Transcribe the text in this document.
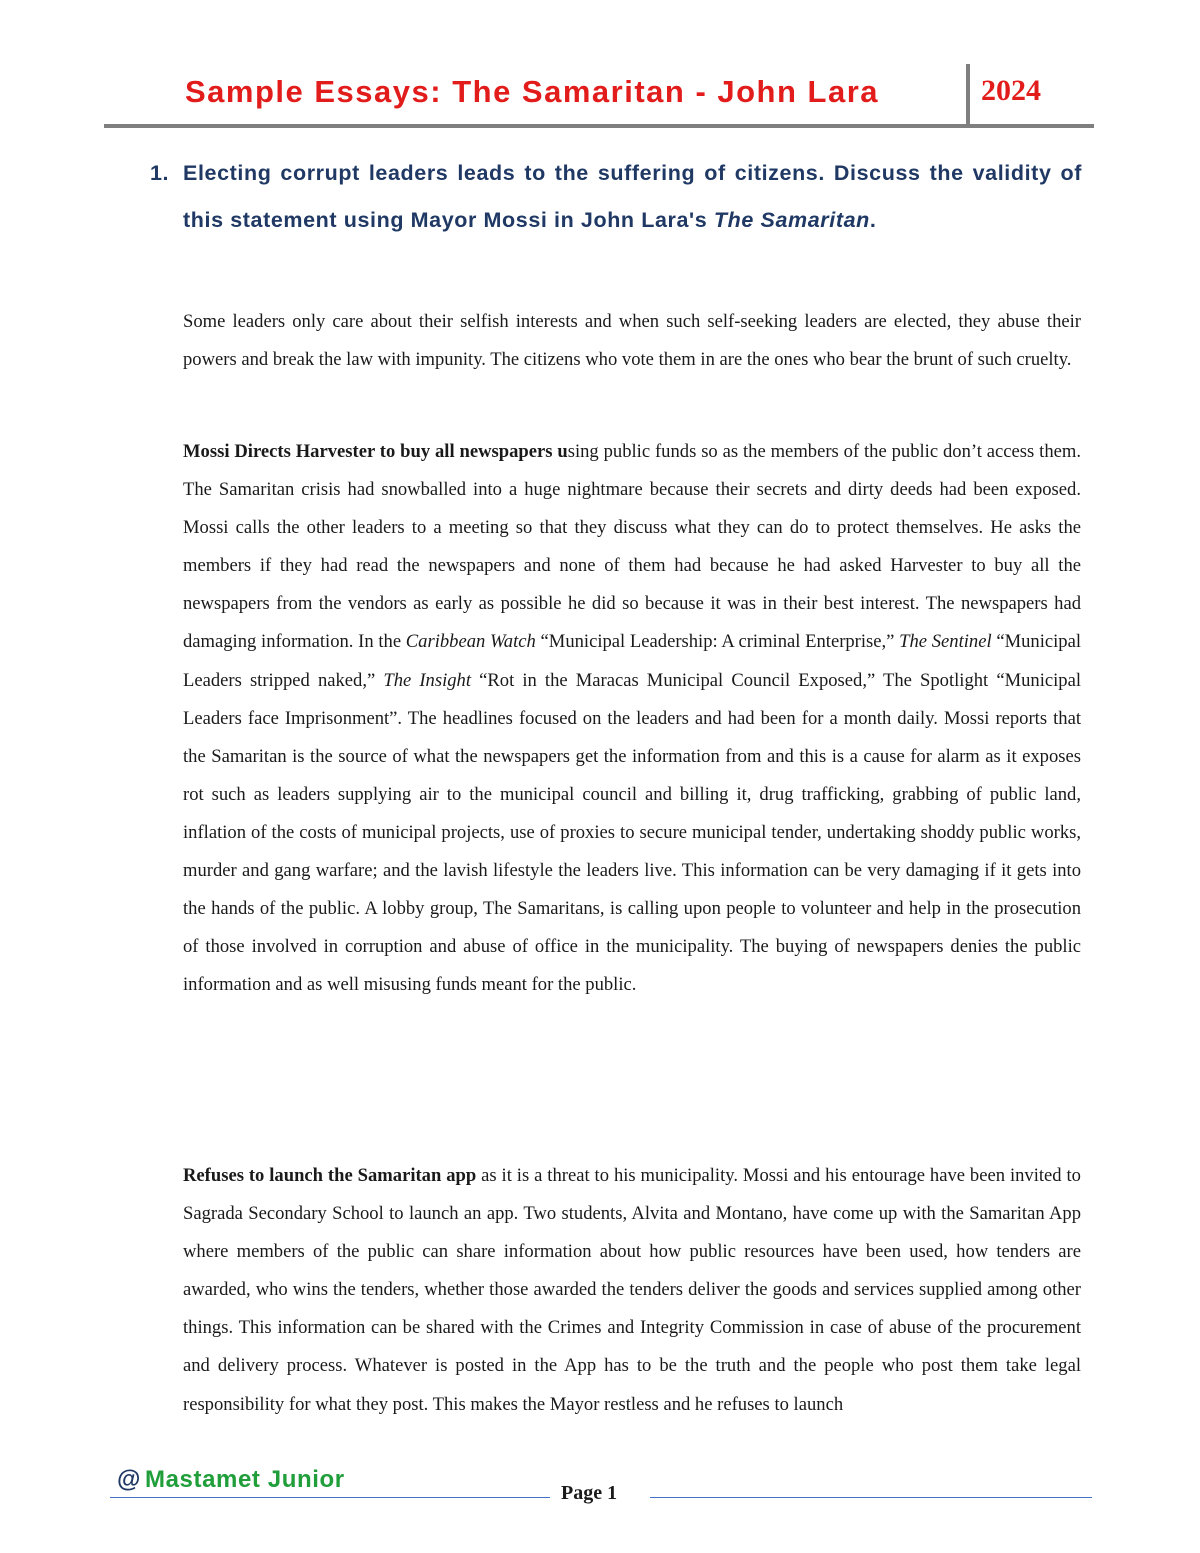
Sample Essays: The Samaritan - John Lara	2024
1. Electing corrupt leaders leads to the suffering of citizens. Discuss the validity of this statement using Mayor Mossi in John Lara's The Samaritan.

Some leaders only care about their selfish interests and when such self-seeking leaders are elected, they abuse their powers and break the law with impunity. The citizens who vote them in are the ones who bear the brunt of such cruelty.

Mossi Directs Harvester to buy all newspapers using public funds so as the members of the public don’t access them. The Samaritan crisis had snowballed into a huge nightmare because their secrets and dirty deeds had been exposed. Mossi calls the other leaders to a meeting so that they discuss what they can do to protect themselves. He asks the members if they had read the newspapers and none of them had because he had asked Harvester to buy all the newspapers from the vendors as early as possible he did so because it was in their best interest. The newspapers had damaging information. In the Caribbean Watch “Municipal Leadership: A criminal Enterprise,” The Sentinel “Municipal Leaders stripped naked,” The Insight “Rot in the Maracas Municipal Council Exposed,” The Spotlight “Municipal Leaders face Imprisonment”. The headlines focused on the leaders and had been for a month daily. Mossi reports that the Samaritan is the source of what the newspapers get the information from and this is a cause for alarm as it exposes rot such as leaders supplying air to the municipal council and billing it, drug trafficking, grabbing of public land, inflation of the costs of municipal projects, use of proxies to secure municipal tender, undertaking shoddy public works, murder and gang warfare; and the lavish lifestyle the leaders live. This information can be very damaging if it gets into the hands of the public. A lobby group, The Samaritans, is calling upon people to volunteer and help in the prosecution of those involved in corruption and abuse of office in the municipality. The buying of newspapers denies the public information and as well misusing funds meant for the public.

Refuses to launch the Samaritan app as it is a threat to his municipality. Mossi and his entourage have been invited to Sagrada Secondary School to launch an app. Two students, Alvita and Montano, have come up with the Samaritan App where members of the public can share information about how public resources have been used, how tenders are awarded, who wins the tenders, whether those awarded the tenders deliver the goods and services supplied among other things. This information can be shared with the Crimes and Integrity Commission in case of abuse of the procurement and delivery process. Whatever is posted in the App has to be the truth and the people who post them take legal responsibility for what they post. This makes the Mayor restless and he refuses to launch

@ Mastamet Junior	Page 1
